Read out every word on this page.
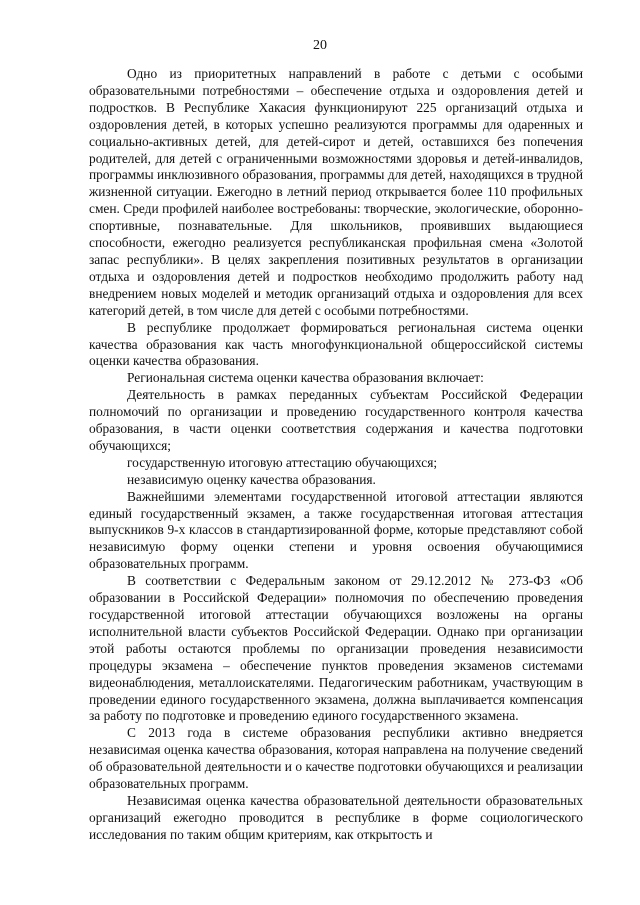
20

Одно из приоритетных направлений в работе с детьми с особыми образовательными потребностями – обеспечение отдыха и оздоровления детей и подростков. В Республике Хакасия функционируют 225 организаций отдыха и оздоровления детей, в которых успешно реализуются программы для одаренных и социально-активных детей, для детей-сирот и детей, оставшихся без попечения родителей, для детей с ограниченными возможностями здоровья и детей-инвалидов, программы инклюзивного образования, программы для детей, находящихся в трудной жизненной ситуации. Ежегодно в летний период открывается более 110 профильных смен. Среди профилей наиболее востребованы: творческие, экологические, оборонно-спортивные, познавательные. Для школьников, проявивших выдающиеся способности, ежегодно реализуется республиканская профильная смена «Золотой запас республики». В целях закрепления позитивных результатов в организации отдыха и оздоровления детей и подростков необходимо продолжить работу над внедрением новых моделей и методик организаций отдыха и оздоровления для всех категорий детей, в том числе для детей с особыми потребностями.

В республике продолжает формироваться региональная система оценки качества образования как часть многофункциональной общероссийской системы оценки качества образования.

Региональная система оценки качества образования включает:

Деятельность в рамках переданных субъектам Российской Федерации полномочий по организации и проведению государственного контроля качества образования, в части оценки соответствия содержания и качества подготовки обучающихся;

государственную итоговую аттестацию обучающихся;

независимую оценку качества образования.

Важнейшими элементами государственной итоговой аттестации являются единый государственный экзамен, а также государственная итоговая аттестация выпускников 9-х классов в стандартизированной форме, которые представляют собой независимую форму оценки степени и уровня освоения обучающимися образовательных программ.

В соответствии с Федеральным законом от 29.12.2012 № 273-ФЗ «Об образовании в Российской Федерации» полномочия по обеспечению проведения государственной итоговой аттестации обучающихся возложены на органы исполнительной власти субъектов Российской Федерации. Однако при организации этой работы остаются проблемы по организации проведения независимости процедуры экзамена – обеспечение пунктов проведения экзаменов системами видеонаблюдения, металлоискателями. Педагогическим работникам, участвующим в проведении единого государственного экзамена, должна выплачивается компенсация за работу по подготовке и проведению единого государственного экзамена.

С 2013 года в системе образования республики активно внедряется независимая оценка качества образования, которая направлена на получение сведений об образовательной деятельности и о качестве подготовки обучающихся и реализации образовательных программ.

Независимая оценка качества образовательной деятельности образовательных организаций ежегодно проводится в республике в форме социологического исследования по таким общим критериям, как открытость и
